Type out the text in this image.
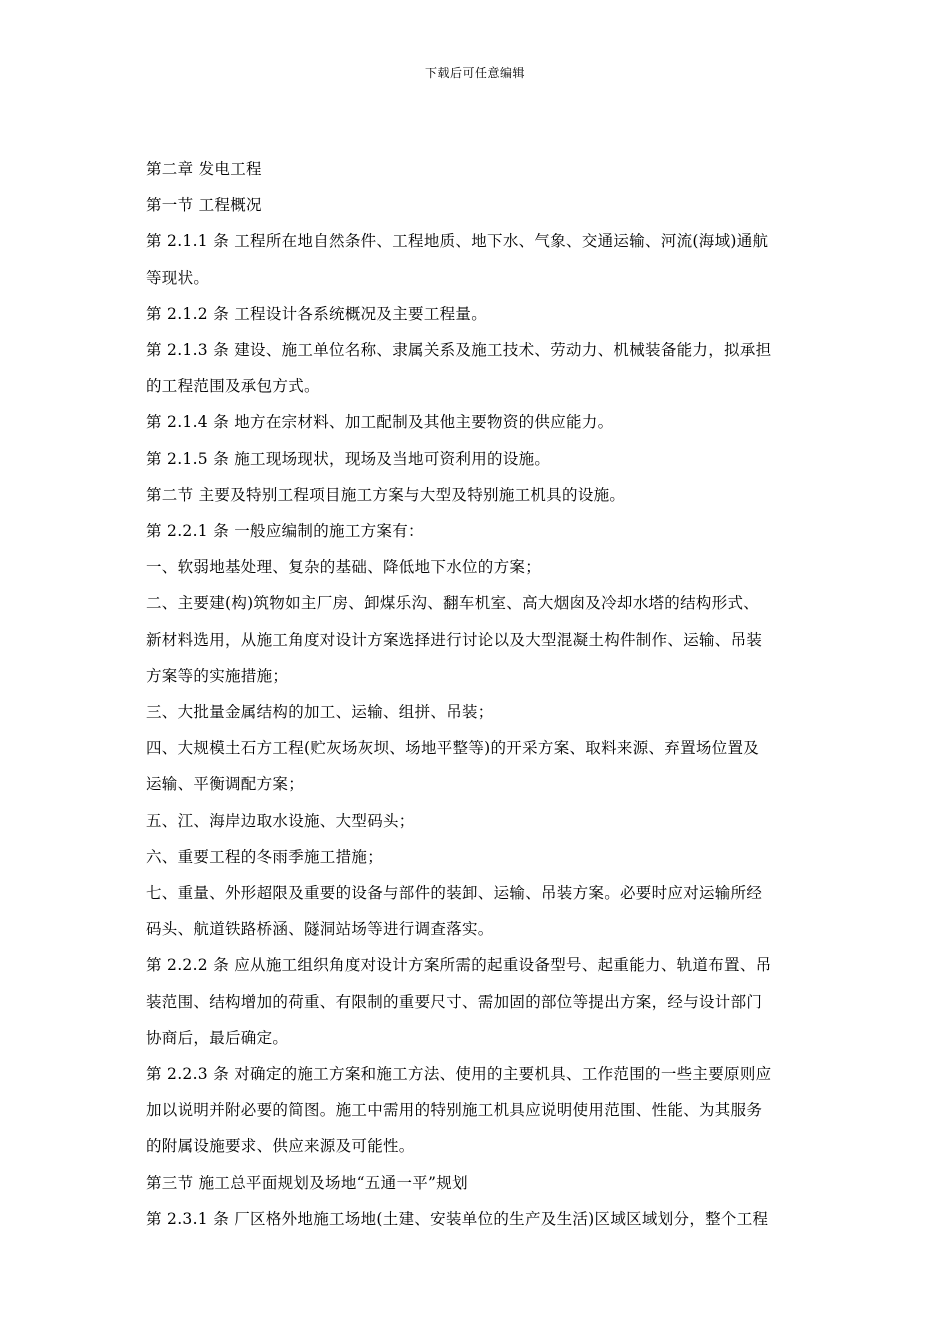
下载后可任意编辑

第二章 发电工程

第一节 工程概况

第 2.1.1 条 工程所在地自然条件、工程地质、地下水、气象、交通运输、河流(海域)通航
等现状。

第 2.1.2 条 工程设计各系统概况及主要工程量。

第 2.1.3 条 建设、施工单位名称、隶属关系及施工技术、劳动力、机械装备能力，拟承担
的工程范围及承包方式。

第 2.1.4 条 地方在宗材料、加工配制及其他主要物资的供应能力。

第 2.1.5 条 施工现场现状，现场及当地可资利用的设施。

第二节 主要及特别工程项目施工方案与大型及特别施工机具的设施。

第 2.2.1 条 一般应编制的施工方案有：

一、软弱地基处理、复杂的基础、降低地下水位的方案；

二、主要建(构)筑物如主厂房、卸煤乐沟、翻车机室、高大烟囱及冷却水塔的结构形式、
新材料选用，从施工角度对设计方案选择进行讨论以及大型混凝土构件制作、运输、吊装
方案等的实施措施；

三、大批量金属结构的加工、运输、组拼、吊装；

四、大规模土石方工程(贮灰场灰坝、场地平整等)的开采方案、取料来源、弃置场位置及
运输、平衡调配方案；

五、江、海岸边取水设施、大型码头；

六、重要工程的冬雨季施工措施；

七、重量、外形超限及重要的设备与部件的装卸、运输、吊装方案。必要时应对运输所经
码头、航道铁路桥涵、隧洞站场等进行调查落实。

第 2.2.2 条 应从施工组织角度对设计方案所需的起重设备型号、起重能力、轨道布置、吊
装范围、结构增加的荷重、有限制的重要尺寸、需加固的部位等提出方案，经与设计部门
协商后，最后确定。

第 2.2.3 条 对确定的施工方案和施工方法、使用的主要机具、工作范围的一些主要原则应
加以说明并附必要的简图。施工中需用的特别施工机具应说明使用范围、性能、为其服务
的附属设施要求、供应来源及可能性。

第三节 施工总平面规划及场地“五通一平”规划

第 2.3.1 条 厂区格外地施工场地(土建、安装单位的生产及生活)区域区域划分，整个工程
